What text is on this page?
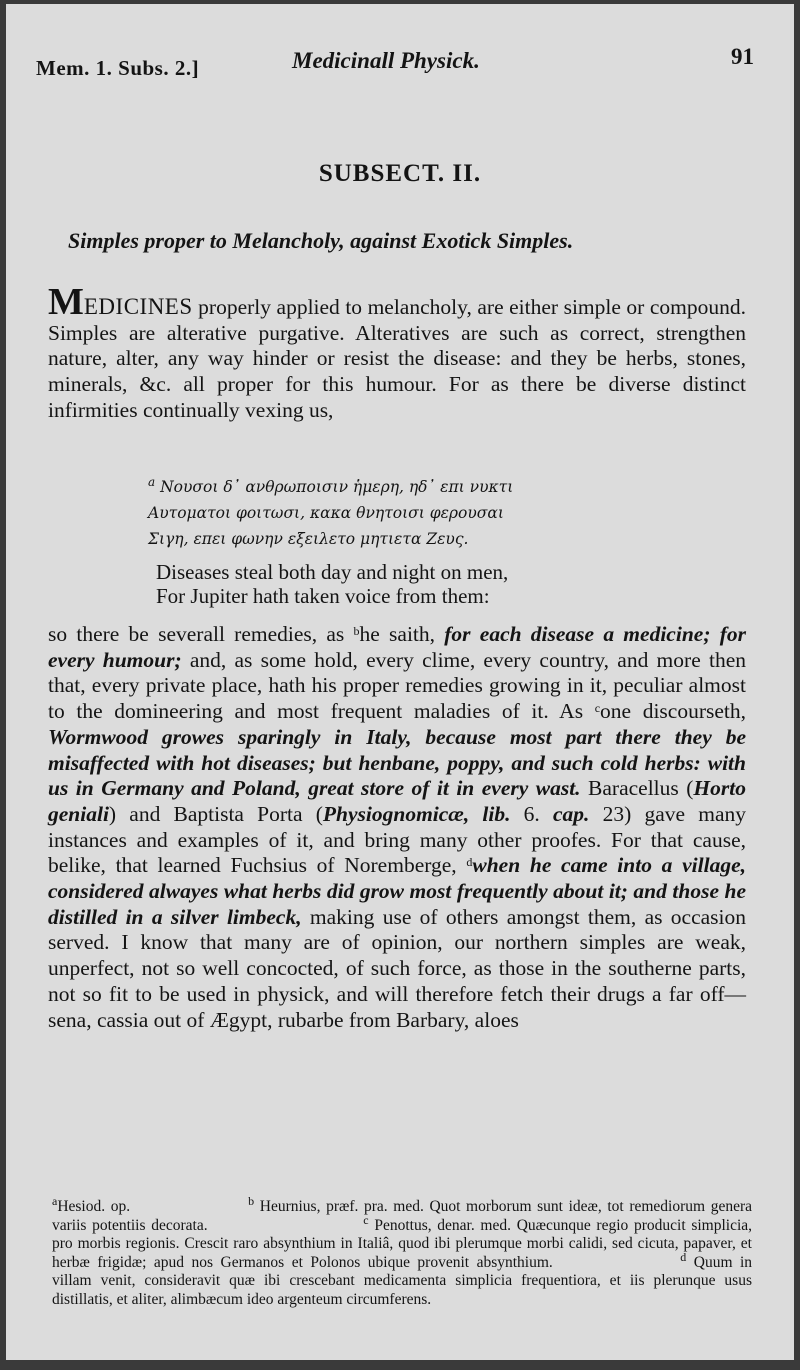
Mem. 1. Subs. 2.]	Medicinall Physick.	91
SUBSECT. II.
Simples proper to Melancholy, against Exotick Simples.
MEDICINES properly applied to melancholy, are either simple or compound. Simples are alterative purgative. Alteratives are such as correct, strengthen nature, alter, any way hinder or resist the disease: and they be herbs, stones, minerals, &c. all proper for this humour. For as there be diverse distinct infirmities continually vexing us,
$^a$ Νουσοι δ᾽ ανθρωποισιν ἡμερη, ηδ᾽ επι νυκτι
Αυτοματοι φοιτωσι, κακα θνητοισι φερουσαι
Σιγη, επει φωνην εξειλετο μητιετα Ζευς.
Diseases steal both day and night on men,
For Jupiter hath taken voice from them:
so there be severall remedies, as $^b$he saith, for each disease a medicine; for every humour; and, as some hold, every clime, every country, and more then that, every private place, hath his proper remedies growing in it, peculiar almost to the domineering and most frequent maladies of it. As $^c$one discourseth, Wormwood growes sparingly in Italy, because most part there they be misaffected with hot diseases; but henbane, poppy, and such cold herbs: with us in Germany and Poland, great store of it in every wast. Baracellus (Horto geniali) and Baptista Porta (Physiognomicæ, lib. 6. cap. 23) gave many instances and examples of it, and bring many other proofes. For that cause, belike, that learned Fuchsius of Noremberge, $^d$when he came into a village, considered alwayes what herbs did grow most frequently about it; and those he distilled in a silver limbeck, making use of others amongst them, as occasion served. I know that many are of opinion, our northern simples are weak, unperfect, not so well concocted, of such force, as those in the southerne parts, not so fit to be used in physick, and will therefore fetch their drugs a far off—sena, cassia out of Ægypt, rubarbe from Barbary, aloes
$^a$Hesiod. op.	$^b$ Heurnius, præf. pra. med. Quot morborum sunt ideæ, tot remediorum genera variis potentiis decorata.	$^c$ Penottus, denar. med. Quæcunque regio producit simplicia, pro morbis regionis. Crescit raro absynthium in Italiâ, quod ibi plerumque morbi calidi, sed cicuta, papaver, et herbæ frigidæ; apud nos Germanos et Polonos ubique provenit absynthium.	$^d$ Quum in villam venit, consideravit quæ ibi crescebant medicamenta simplicia frequentiora, et iis plerunque usus distillatis, et aliter, alimbæcum ideo argenteum circumferens.
